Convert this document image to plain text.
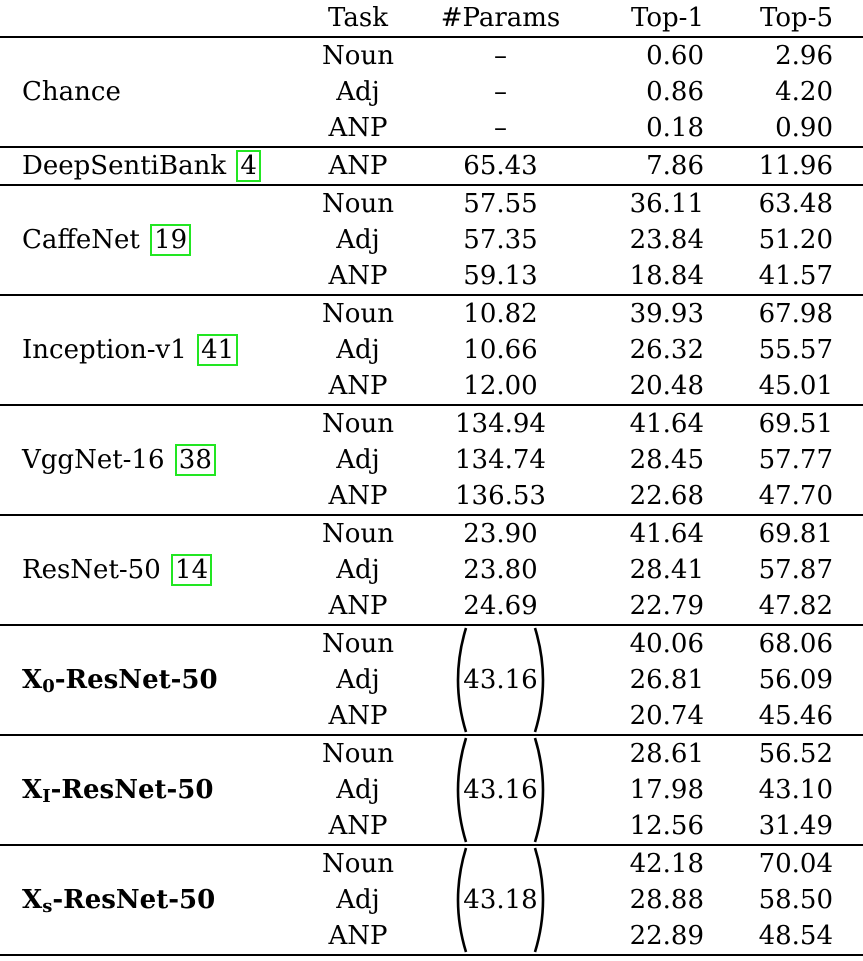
	Task	#Params	Top-1	Top-5
Chance	Noun	–	0.60	2.96
	Adj	–	0.86	4.20
	ANP	–	0.18	0.90
DeepSentiBank 4	ANP	65.43	7.86	11.96
CaffeNet 19	Noun	57.55	36.11	63.48
	Adj	57.35	23.84	51.20
	ANP	59.13	18.84	41.57
Inception-v1 41	Noun	10.82	39.93	67.98
	Adj	10.66	26.32	55.57
	ANP	12.00	20.48	45.01
VggNet-16 38	Noun	134.94	41.64	69.51
	Adj	134.74	28.45	57.77
	ANP	136.53	22.68	47.70
ResNet-50 14	Noun	23.90	41.64	69.81
	Adj	23.80	28.41	57.87
	ANP	24.69	22.79	47.82
$X_0-ResNet-50$	Noun	43.16	40.06	68.06
	Adj		26.81	56.09
	ANP		20.74	45.46
$X_I-ResNet-50$	Noun	43.16	28.61	56.52
	Adj		17.98	43.10
	ANP		12.56	31.49
$X_s-ResNet-50$	Noun	43.18	42.18	70.04
	Adj		28.88	58.50
	ANP		22.89	48.54
